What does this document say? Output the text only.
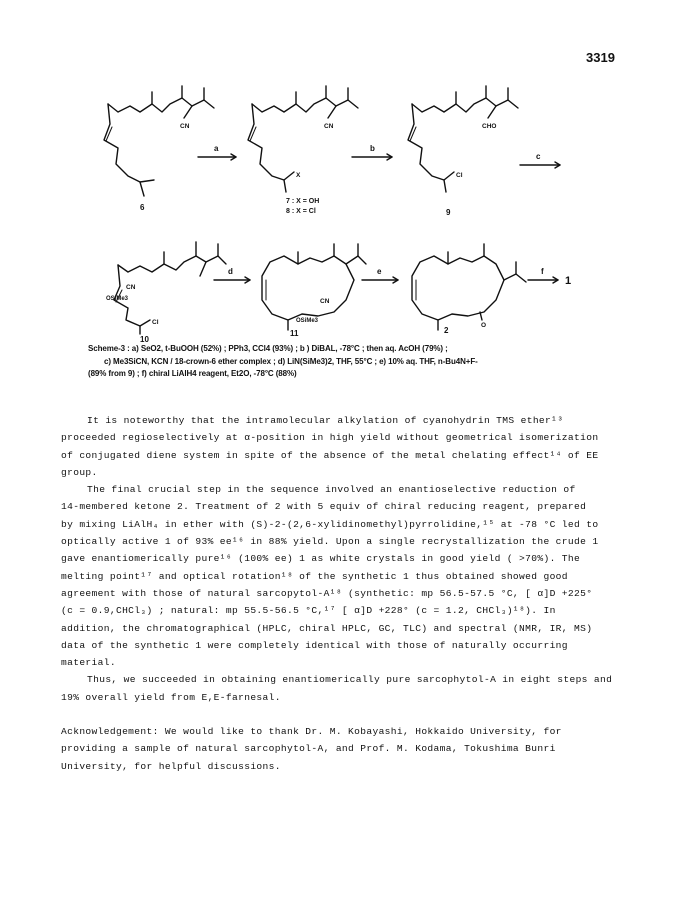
3319
6
7 : X = OH
8 : X = Cl	9
10
11	2
a	b
c
d	e	f
1
CN	CN
X
CHO
Cl
CN
OSiMe3
Cl
CN
OSiMe3
O
Scheme-3 : a) SeO2, t-BuOOH (52%) ; PPh3, CCl4 (93%) ; b ) DiBAL, -78°C ; then aq. AcOH (79%) ;
c) Me3SiCN, KCN / 18-crown-6 ether complex ; d) LiN(SiMe3)2, THF, 55°C ; e) 10% aq. THF, n-Bu4N+F-
(89% from 9) ; f) chiral LiAlH4 reagent, Et2O, -78°C (88%)

It is noteworthy that the intramolecular alkylation of cyanohydrin TMS ether¹³
proceeded regioselectively at α-position in high yield without geometrical isomerization
of conjugated diene system in spite of the absence of the metal chelating effect¹⁴ of EE
group.

The final crucial step in the sequence involved an enantioselective reduction of
14-membered ketone 2. Treatment of 2 with 5 equiv of chiral reducing reagent, prepared
by mixing LiAlH₄ in ether with (S)-2-(2,6-xylidinomethyl)pyrrolidine,¹⁵ at -78 °C led to
optically active 1 of 93% ee¹⁶ in 88% yield. Upon a single recrystallization the crude 1
gave enantiomerically pure¹⁶ (100% ee) 1 as white crystals in good yield ( >70%). The
melting point¹⁷ and optical rotation¹⁸ of the synthetic 1 thus obtained showed good
agreement with those of natural sarcopytol-A¹⁸ (synthetic: mp 56.5-57.5 °C, [ α]D +225°
(c = 0.9,CHCl₃) ; natural: mp 55.5-56.5 °C,¹⁷ [ α]D +228° (c = 1.2, CHCl₃)¹⁸). In
addition, the chromatographical (HPLC, chiral HPLC, GC, TLC) and spectral (NMR, IR, MS)
data of the synthetic 1 were completely identical with those of naturally occurring
material.

Thus, we succeeded in obtaining enantiomerically pure sarcophytol-A in eight steps and
19% overall yield from E,E-farnesal.

Acknowledgement: We would like to thank Dr. M. Kobayashi, Hokkaido University, for
providing a sample of natural sarcophytol-A, and Prof. M. Kodama, Tokushima Bunri
University, for helpful discussions.
